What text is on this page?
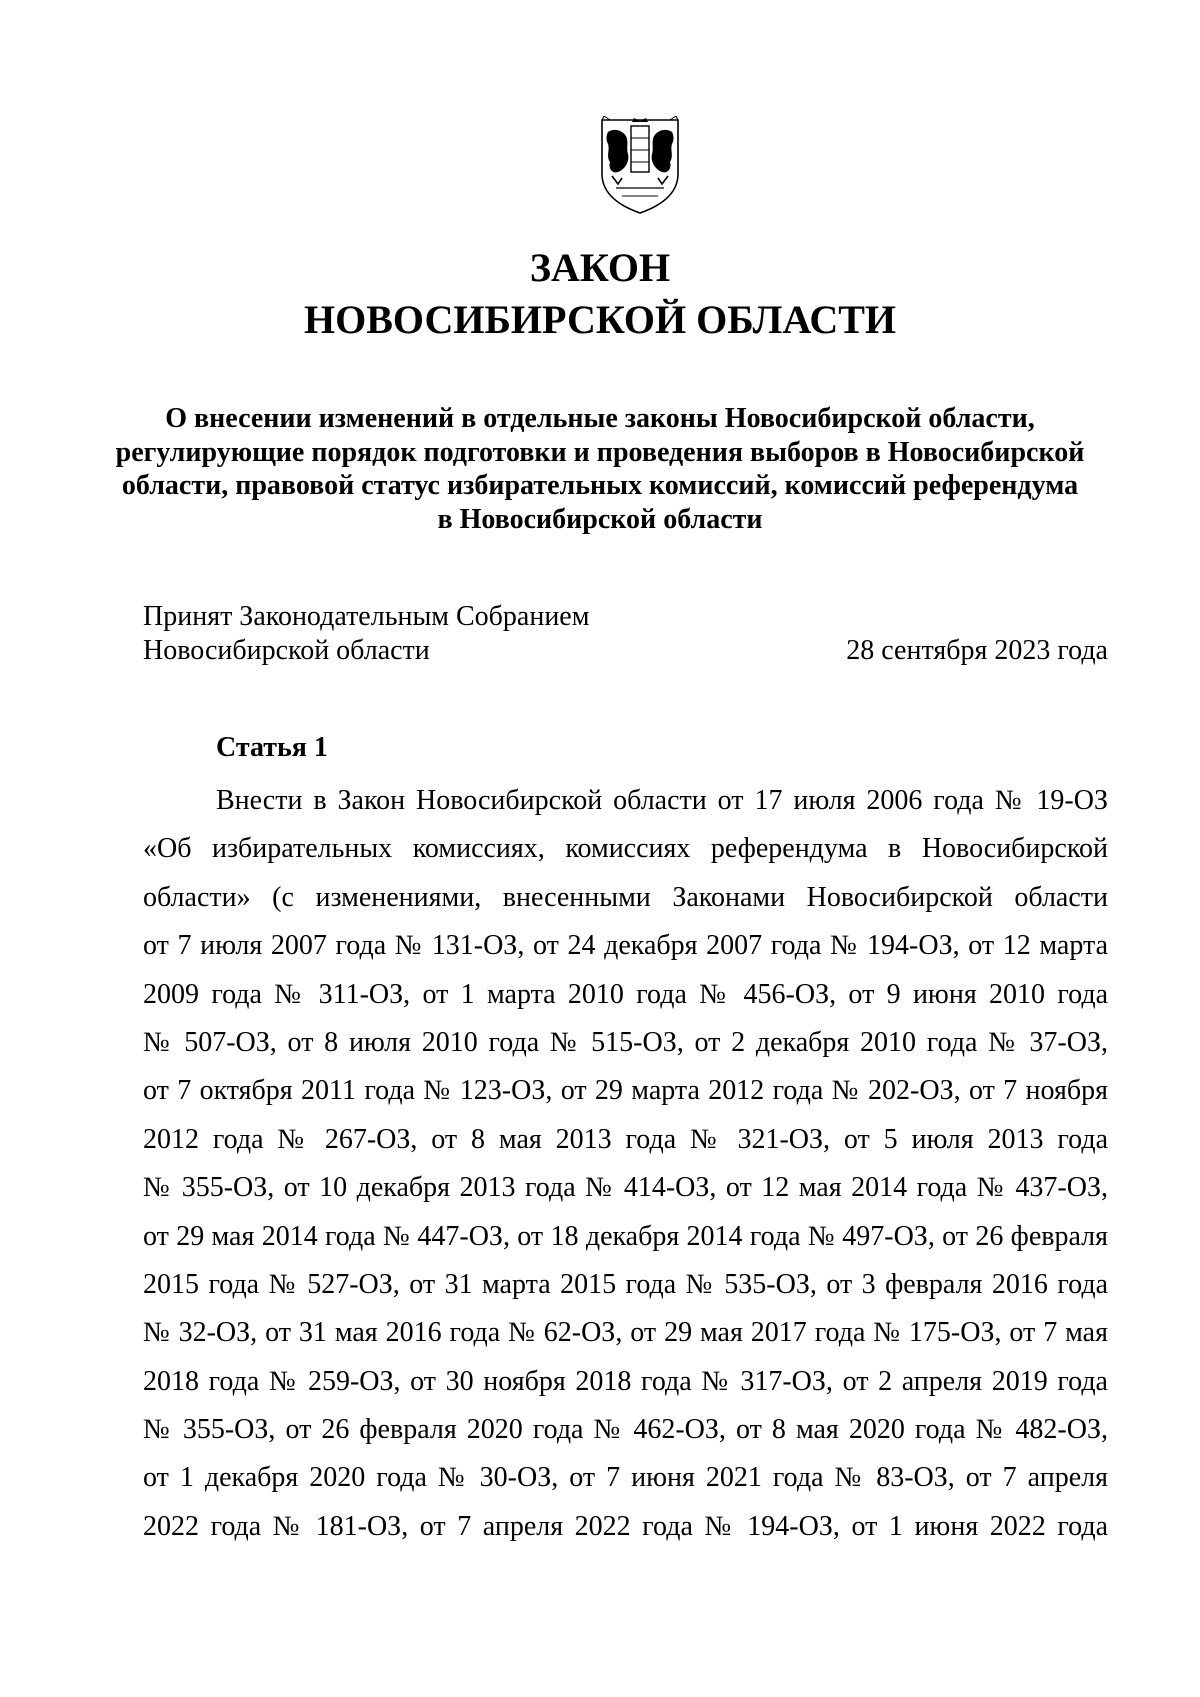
ЗАКОН
НОВОСИБИРСКОЙ ОБЛАСТИ
О внесении изменений в отдельные законы Новосибирской области,
регулирующие порядок подготовки и проведения выборов в Новосибирской
области, правовой статус избирательных комиссий, комиссий референдума
в Новосибирской области
Принят Законодательным Собранием
Новосибирской области	28 сентября 2023 года
Статья 1
Внести в Закон Новосибирской области от 17 июля 2006 года № 19-ОЗ
«Об избирательных комиссиях, комиссиях референдума в Новосибирской
области» (с изменениями, внесенными Законами Новосибирской области
от 7 июля 2007 года № 131-ОЗ, от 24 декабря 2007 года № 194-ОЗ, от 12 марта
2009 года № 311-ОЗ, от 1 марта 2010 года № 456-ОЗ, от 9 июня 2010 года
№ 507-ОЗ, от 8 июля 2010 года № 515-ОЗ, от 2 декабря 2010 года № 37-ОЗ,
от 7 октября 2011 года № 123-ОЗ, от 29 марта 2012 года № 202-ОЗ, от 7 ноября
2012 года № 267-ОЗ, от 8 мая 2013 года № 321-ОЗ, от 5 июля 2013 года
№ 355-ОЗ, от 10 декабря 2013 года № 414-ОЗ, от 12 мая 2014 года № 437-ОЗ,
от 29 мая 2014 года № 447-ОЗ, от 18 декабря 2014 года № 497-ОЗ, от 26 февраля
2015 года № 527-ОЗ, от 31 марта 2015 года № 535-ОЗ, от 3 февраля 2016 года
№ 32-ОЗ, от 31 мая 2016 года № 62-ОЗ, от 29 мая 2017 года № 175-ОЗ, от 7 мая
2018 года № 259-ОЗ, от 30 ноября 2018 года № 317-ОЗ, от 2 апреля 2019 года
№ 355-ОЗ, от 26 февраля 2020 года № 462-ОЗ, от 8 мая 2020 года № 482-ОЗ,
от 1 декабря 2020 года № 30-ОЗ, от 7 июня 2021 года № 83-ОЗ, от 7 апреля
2022 года № 181-ОЗ, от 7 апреля 2022 года № 194-ОЗ, от 1 июня 2022 года
